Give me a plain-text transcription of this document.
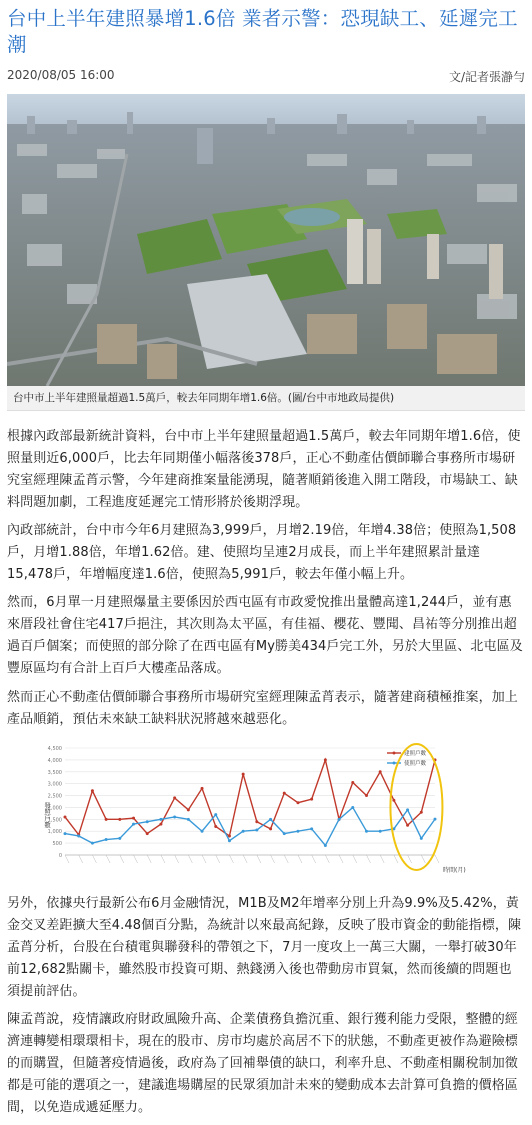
台中上半年建照暴增1.6倍 業者示警：恐現缺工、延遲完工潮
2020/08/05 16:00	文/記者張瀞勻
台中市上半年建照量超過1.5萬戶，較去年同期年增1.6倍。(圖/台中市地政局提供)

根據內政部最新統計資料，台中市上半年建照量超過1.5萬戶，較去年同期年增1.6倍，使照量則近6,000戶，比去年同期僅小幅落後378戶，正心不動產估價師聯合事務所市場研究室經理陳孟莦示警，今年建商推案量能湧現，隨著順銷後進入開工階段，市場缺工、缺料問題加劇，工程進度延遲完工情形將於後期浮現。

內政部統計，台中市今年6月建照為3,999戶，月增2.19倍，年增4.38倍；使照為1,508戶，月增1.88倍，年增1.62倍。建、使照均呈連2月成長，而上半年建照累計量達15,478戶，年增幅度達1.6倍，使照為5,991戶，較去年僅小幅上升。

然而，6月單一月建照爆量主要係因於西屯區有市政愛悅推出量體高達1,244戶，並有惠來厝段社會住宅417戶挹注，其次則為太平區，有佳福、櫻花、豐聞、昌祐等分別推出超過百戶個案；而使照的部分除了在西屯區有My勝美434戶完工外，另於大里區、北屯區及豐原區均有合計上百戶大樓產品落成。

然而正心不動產估價師聯合事務所市場研究室經理陳孟莦表示，隨著建商積極推案，加上產品順銷，預估未來缺工缺料狀況將越來越惡化。

4,500
4,000
3,500
3,000
2,500
2,000
1,500
1,000
500
0
發照戶數
時間(月)
建照戶數
使照戶數

另外，依據央行最新公布6月金融情況，M1B及M2年增率分別上升為9.9%及5.42%，黃金交叉差距擴大至4.48個百分點，為統計以來最高紀錄，反映了股市資金的動能指標，陳孟莦分析，台股在台積電與聯發科的帶領之下，7月一度攻上一萬三大關，一舉打破30年前12,682點關卡，雖然股市投資可期、熱錢湧入後也帶動房市買氣，然而後續的問題也須提前評估。

陳孟莦說，疫情讓政府財政風險升高、企業債務負擔沉重、銀行獲利能力受限，整體的經濟連轉變相環環相卡，現在的股市、房市均處於高居不下的狀態，不動產更被作為避險標的而購置，但隨著疫情過後，政府為了回補舉債的缺口，利率升息、不動產相關稅制加徵都是可能的選項之一，建議進場購屋的民眾須加計未來的變動成本去計算可負擔的價格區間，以免造成遞延壓力。
